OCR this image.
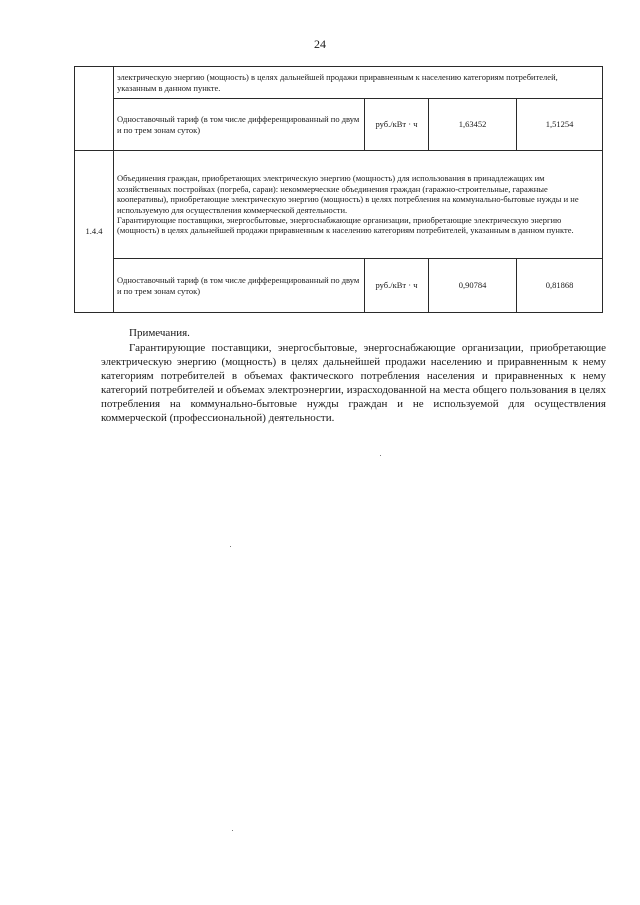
24
	электрическую энергию (мощность) в целях дальнейшей продажи приравненным к населению категориям потребителей, указанным в данном пункте.			
	Одноставочный тариф (в том числе дифференцированный по двум и по трем зонам суток)	руб./кВт · ч	1,63452	1,51254
1.4.4	Объединения граждан, приобретающих электрическую энергию (мощность) для использования в принадлежащих им хозяйственных постройках (погреба, сараи): некоммерческие объединения граждан (гаражно-строительные, гаражные кооперативы), приобретающие электрическую энергию (мощность) в целях потребления на коммунально-бытовые нужды и не используемую для осуществления коммерческой деятельности.
Гарантирующие поставщики, энергосбытовые, энергоснабжающие организации, приобретающие электрическую энергию (мощность) в целях дальнейшей продажи приравненным к населению категориям потребителей, указанным в данном пункте.			

	Одноставочный тариф (в том числе дифференцированный по двум и по трем зонам суток)	руб./кВт · ч	0,90784	0,81868

Примечания.

Гарантирующие поставщики, энергосбытовые, энергоснабжающие организации, приобретающие электрическую энергию (мощность) в целях дальнейшей продажи населению и приравненным к нему категориям потребителей в объемах фактического потребления населения и приравненных к нему категорий потребителей и объемах электроэнергии, израсходованной на места общего пользования в целях потребления на коммунально-бытовые нужды граждан и не используемой для осуществления коммерческой (профессиональной) деятельности.
